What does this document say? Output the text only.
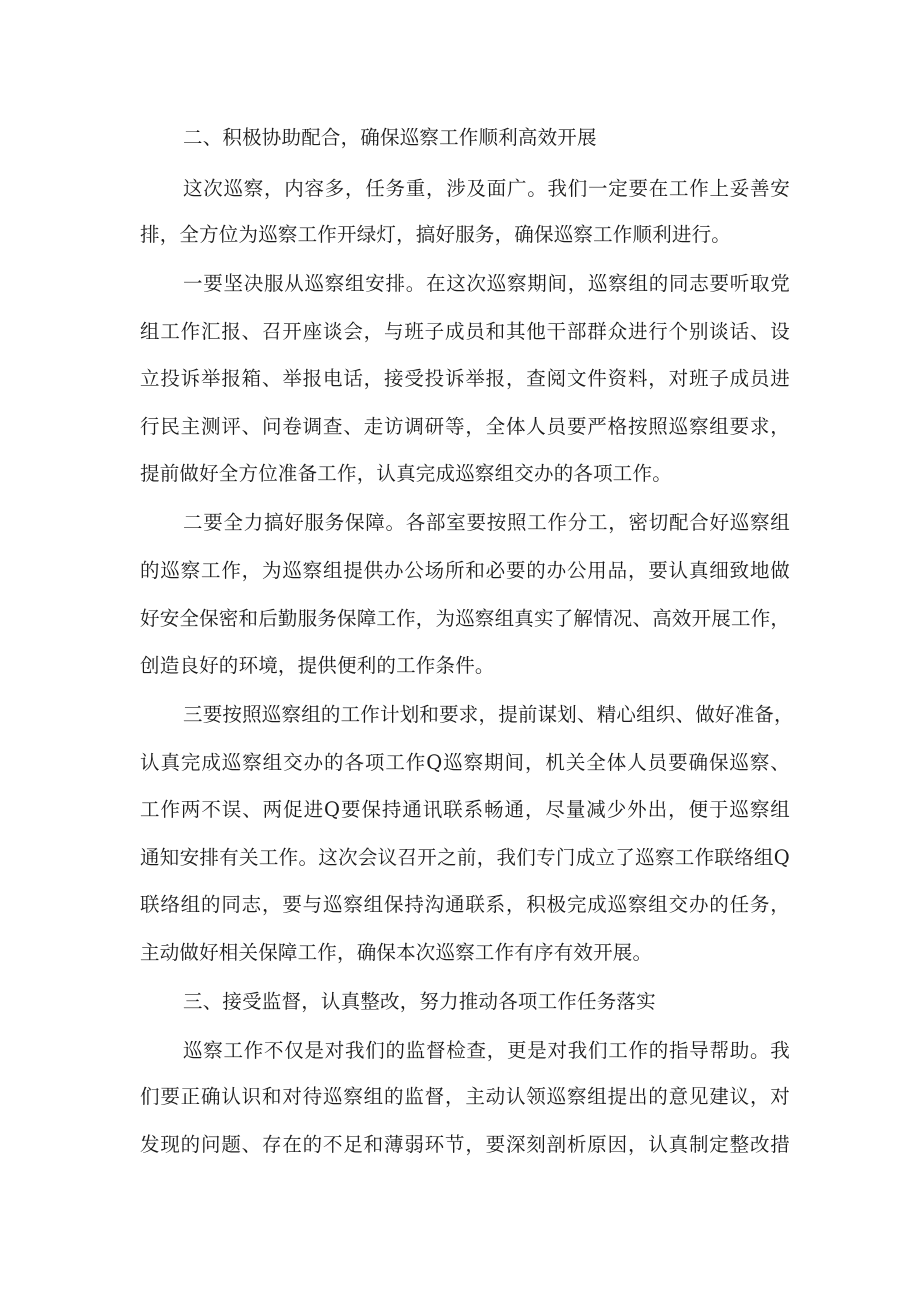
二、积极协助配合，确保巡察工作顺利高效开展
这次巡察，内容多，任务重，涉及面广。我们一定要在工作上妥善安
排，全方位为巡察工作开绿灯，搞好服务，确保巡察工作顺利进行。
一要坚决服从巡察组安排。在这次巡察期间，巡察组的同志要听取党
组工作汇报、召开座谈会，与班子成员和其他干部群众进行个别谈话、设
立投诉举报箱、举报电话，接受投诉举报，查阅文件资料，对班子成员进
行民主测评、问卷调查、走访调研等，全体人员要严格按照巡察组要求，
提前做好全方位准备工作，认真完成巡察组交办的各项工作。
二要全力搞好服务保障。各部室要按照工作分工，密切配合好巡察组
的巡察工作，为巡察组提供办公场所和必要的办公用品，要认真细致地做
好安全保密和后勤服务保障工作，为巡察组真实了解情况、高效开展工作，
创造良好的环境，提供便利的工作条件。
三要按照巡察组的工作计划和要求，提前谋划、精心组织、做好准备，
认真完成巡察组交办的各项工作Q巡察期间，机关全体人员要确保巡察、
工作两不误、两促进Q要保持通讯联系畅通，尽量减少外出，便于巡察组
通知安排有关工作。这次会议召开之前，我们专门成立了巡察工作联络组Q
联络组的同志，要与巡察组保持沟通联系，积极完成巡察组交办的任务，
主动做好相关保障工作，确保本次巡察工作有序有效开展。
三、接受监督，认真整改，努力推动各项工作任务落实
巡察工作不仅是对我们的监督检查，更是对我们工作的指导帮助。我
们要正确认识和对待巡察组的监督，主动认领巡察组提出的意见建议，对
发现的问题、存在的不足和薄弱环节，要深刻剖析原因，认真制定整改措
